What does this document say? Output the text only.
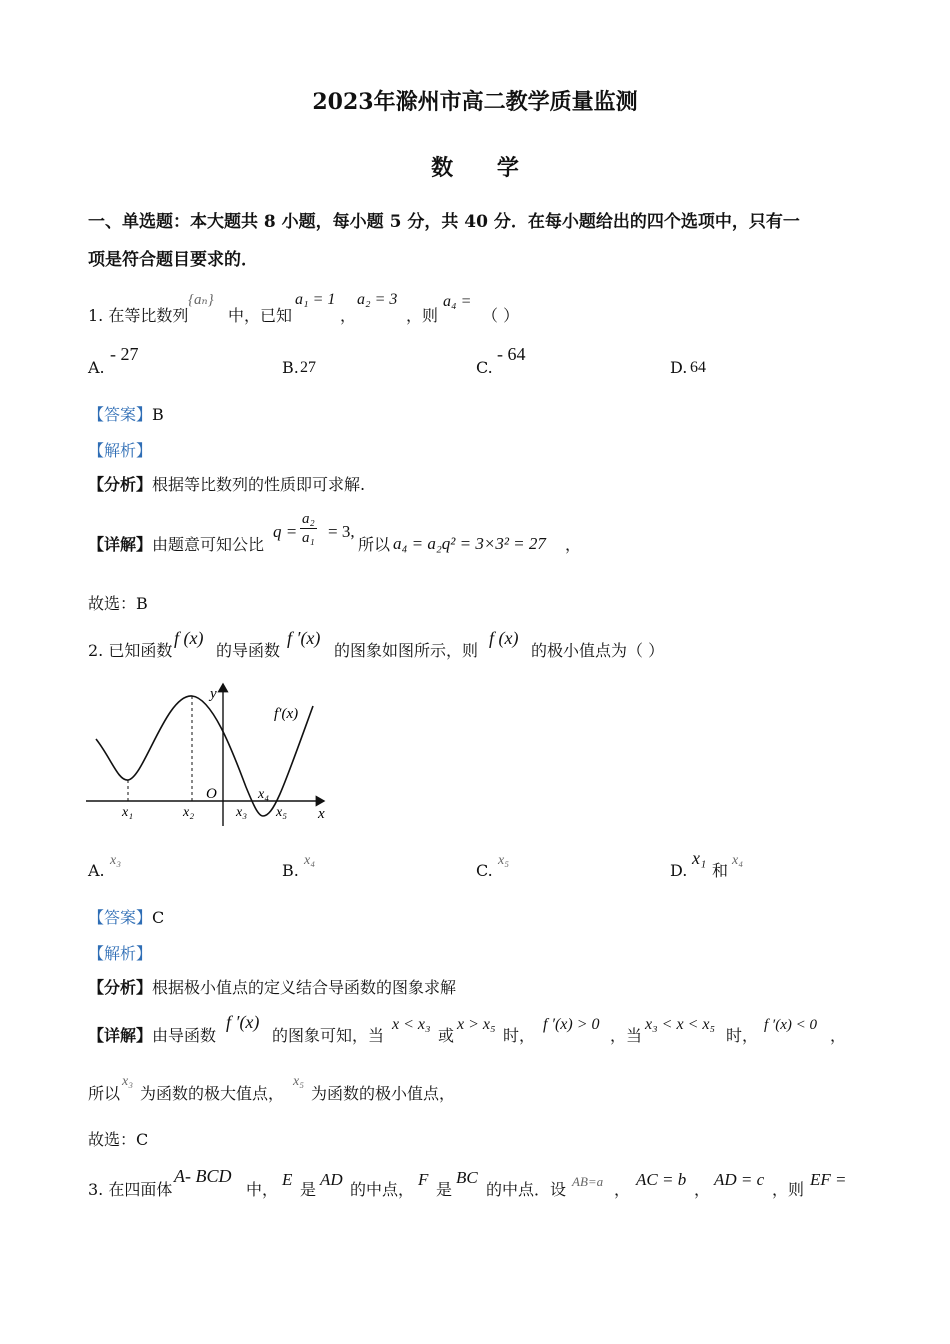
2023年滁州市高二教学质量监测
数 学
一、单选题：本大题共 8 小题，每小题 5 分，共 40 分．在每小题给出的四个选项中，只有一
项是符合题目要求的．
1. 在等比数列
{aₙ}
中，已知
a₁ = 1
，
a₂ = 3
，则
a₄ =
（ ）
A.
- 27
B. 27	C.
- 64
D. 64
【答案】 B
【解析】
【分析】 根据等比数列的性质即可求解.
【详解】 由题意可知公比
$q = \frac{\text{a₂}}{\text{a₁}} = 3$,
所以 a₄ = a₂q² = 3×3² = 27 ，
故选：B
2. 已知函数
f (x)
的导函数
f ′(x)
的图象如图所示，则
f (x)
的极小值点为（ ）
y
x
f′(x)
O
x₁	x₂	x₃
x₄
x₅
A.
x₃
B.
x₄
C.
x₅
D.
x₁
和
x₄
【答案】 C
【解析】
【分析】 根据极小值点的定义结合导函数的图象求解
【详解】 由导函数
f ′(x)
的图象可知，当
x < x₃
或
x > x₅
时，
f ′(x) > 0
，当
x₃ < x < x₅
时，
f ′(x) < 0
，
所以
x₃
为函数的极大值点，
x₅
为函数的极小值点，
故选：C
3. 在四面体
A- BCD
中，
E
是
AD
的中点，
F
是
BC
的中点．设 AB=a ，
AC = b
，
AD = c
，则
EF =
